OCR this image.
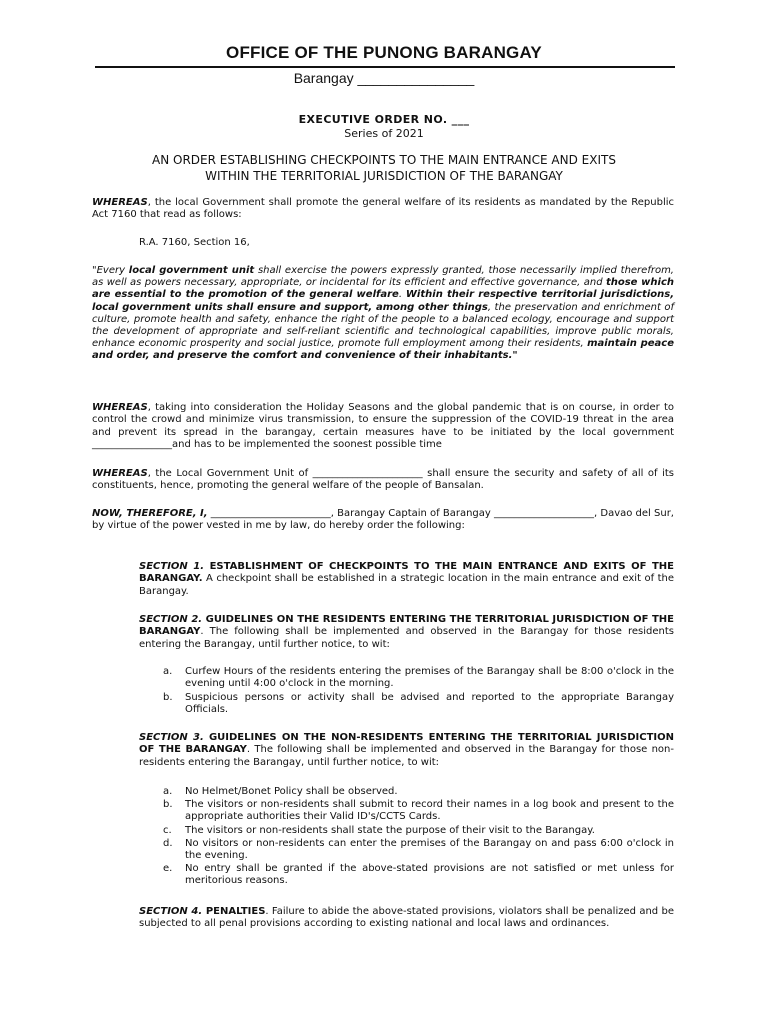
OFFICE OF THE PUNONG BARANGAY
Barangay _______________
EXECUTIVE ORDER NO. ___
Series of 2021
AN ORDER ESTABLISHING CHECKPOINTS TO THE MAIN ENTRANCE AND EXITS
WITHIN THE TERRITORIAL JURISDICTION OF THE BARANGAY
WHEREAS, the local Government shall promote the general welfare of its residents as mandated by the Republic Act 7160 that read as follows:
R.A. 7160, Section 16,
"Every local government unit shall exercise the powers expressly granted, those necessarily implied therefrom, as well as powers necessary, appropriate, or incidental for its efficient and effective governance, and those which are essential to the promotion of the general welfare. Within their respective territorial jurisdictions, local government units shall ensure and support, among other things, the preservation and enrichment of culture, promote health and safety, enhance the right of the people to a balanced ecology, encourage and support the development of appropriate and self-reliant scientific and technological capabilities, improve public morals, enhance economic prosperity and social justice, promote full employment among their residents, maintain peace and order, and preserve the comfort and convenience of their inhabitants."
WHEREAS, taking into consideration the Holiday Seasons and the global pandemic that is on course, in order to control the crowd and minimize virus transmission, to ensure the suppression of the COVID-19 threat in the area and prevent its spread in the barangay, certain measures have to be initiated by the local government ________________and has to be implemented the soonest possible time
WHEREAS, the Local Government Unit of ______________________ shall ensure the security and safety of all of its constituents, hence, promoting the general welfare of the people of Bansalan.
NOW, THEREFORE, I, ________________________, Barangay Captain of Barangay ____________________, Davao del Sur, by virtue of the power vested in me by law, do hereby order the following:
SECTION 1. ESTABLISHMENT OF CHECKPOINTS TO THE MAIN ENTRANCE AND EXITS OF THE BARANGAY. A checkpoint shall be established in a strategic location in the main entrance and exit of the Barangay.
SECTION 2. GUIDELINES ON THE RESIDENTS ENTERING THE TERRITORIAL JURISDICTION OF THE BARANGAY. The following shall be implemented and observed in the Barangay for those residents entering the Barangay, until further notice, to wit:
a. Curfew Hours of the residents entering the premises of the Barangay shall be 8:00 o'clock in the evening until 4:00 o'clock in the morning.
b. Suspicious persons or activity shall be advised and reported to the appropriate Barangay Officials.
SECTION 3. GUIDELINES ON THE NON-RESIDENTS ENTERING THE TERRITORIAL JURISDICTION OF THE BARANGAY. The following shall be implemented and observed in the Barangay for those non-residents entering the Barangay, until further notice, to wit:
a. No Helmet/Bonet Policy shall be observed.
b. The visitors or non-residents shall submit to record their names in a log book and present to the appropriate authorities their Valid ID's/CCTS Cards.
c. The visitors or non-residents shall state the purpose of their visit to the Barangay.
d. No visitors or non-residents can enter the premises of the Barangay on and pass 6:00 o'clock in the evening.
e. No entry shall be granted if the above-stated provisions are not satisfied or met unless for meritorious reasons.
SECTION 4. PENALTIES. Failure to abide the above-stated provisions, violators shall be penalized and be subjected to all penal provisions according to existing national and local laws and ordinances.
